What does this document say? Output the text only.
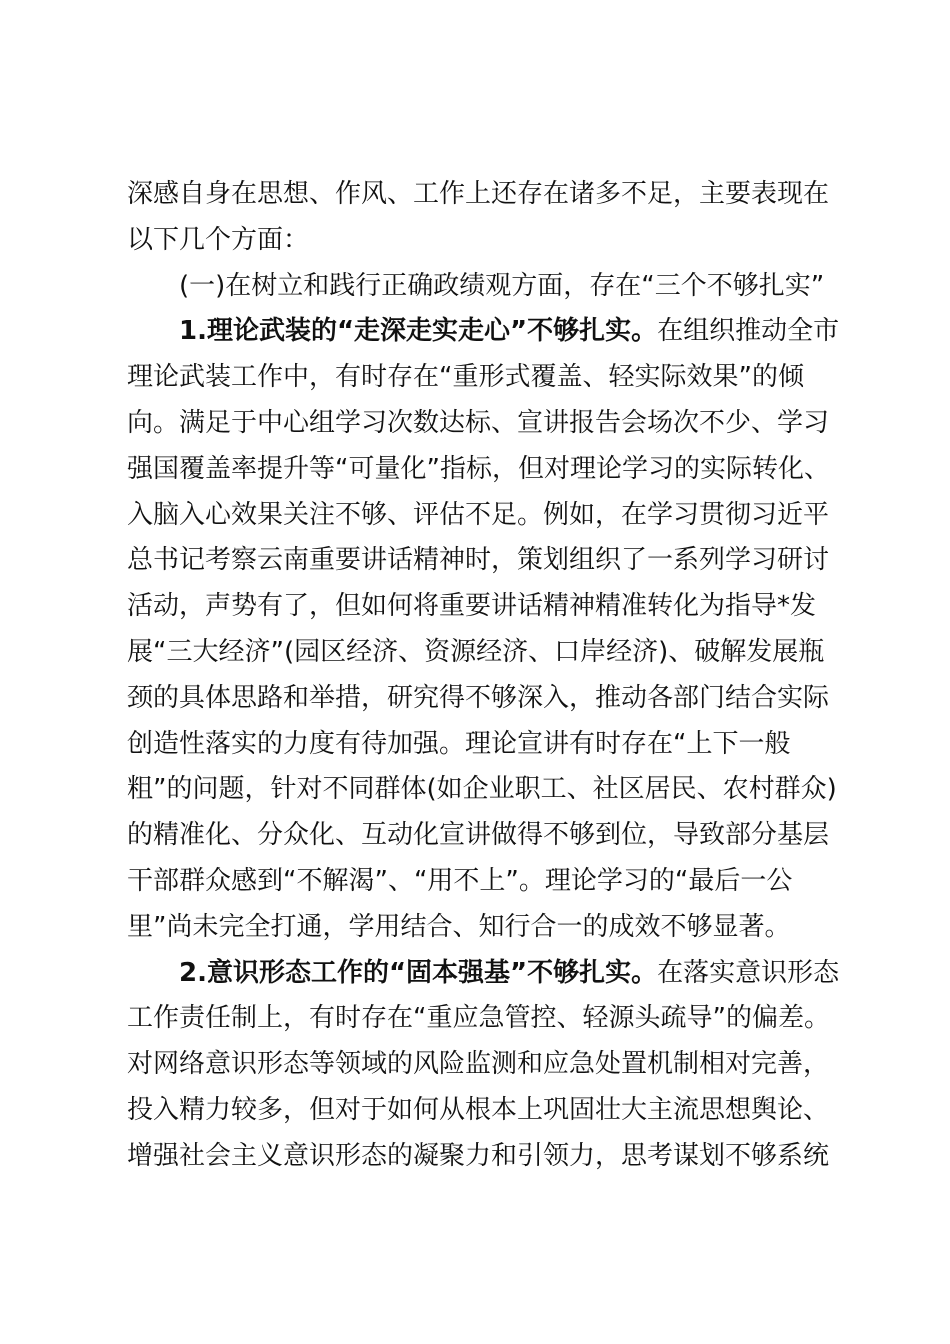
深感自身在思想、作风、工作上还存在诸多不足，主要表现在
以下几个方面：
(一)在树立和践行正确政绩观方面，存在“三个不够扎实”
1.理论武装的“走深走实走心”不够扎实。在组织推动全市
理论武装工作中，有时存在“重形式覆盖、轻实际效果”的倾
向。满足于中心组学习次数达标、宣讲报告会场次不少、学习
强国覆盖率提升等“可量化”指标，但对理论学习的实际转化、
入脑入心效果关注不够、评估不足。例如，在学习贯彻习近平
总书记考察云南重要讲话精神时，策划组织了一系列学习研讨
活动，声势有了，但如何将重要讲话精神精准转化为指导*发
展“三大经济”(园区经济、资源经济、口岸经济)、破解发展瓶
颈的具体思路和举措，研究得不够深入，推动各部门结合实际
创造性落实的力度有待加强。理论宣讲有时存在“上下一般
粗”的问题，针对不同群体(如企业职工、社区居民、农村群众)
的精准化、分众化、互动化宣讲做得不够到位，导致部分基层
干部群众感到“不解渴”、“用不上”。理论学习的“最后一公
里”尚未完全打通，学用结合、知行合一的成效不够显著。
2.意识形态工作的“固本强基”不够扎实。在落实意识形态
工作责任制上，有时存在“重应急管控、轻源头疏导”的偏差。
对网络意识形态等领域的风险监测和应急处置机制相对完善，
投入精力较多，但对于如何从根本上巩固壮大主流思想舆论、
增强社会主义意识形态的凝聚力和引领力，思考谋划不够系统
